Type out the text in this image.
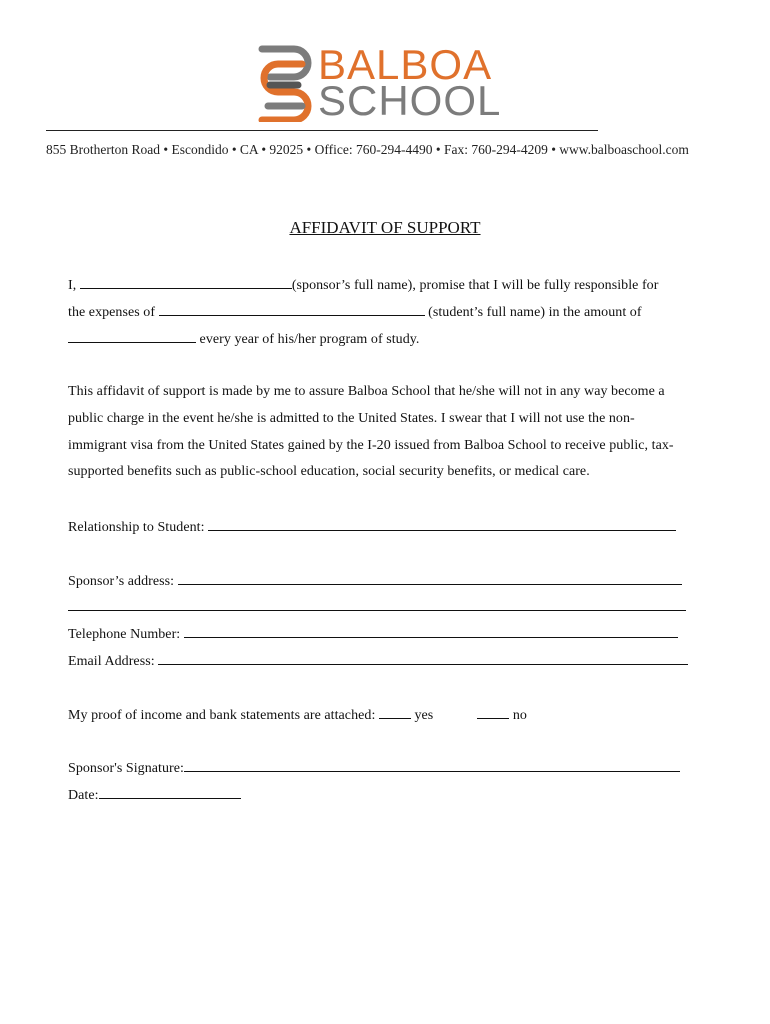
BALBOA
SCHOOL
855 Brotherton Road • Escondido • CA • 92025 • Office: 760-294-4490 • Fax: 760-294-4209 • www.balboaschool.com
AFFIDAVIT OF SUPPORT
I,	(sponsor’s full name), promise that I will be fully responsible for
the expenses of	(student’s full name) in the amount of
every year of his/her program of study.
This affidavit of support is made by me to assure Balboa School that he/she will not in any way become a
public charge in the event he/she is admitted to the United States. I swear that I will not use the non-
immigrant visa from the United States gained by the I-20 issued from Balboa School to receive public, tax-
supported benefits such as public-school education, social security benefits, or medical care.
Relationship to Student:
Sponsor’s address:
Telephone Number:
Email Address:
My proof of income and bank statements are attached:  yes	no
Sponsor's Signature:
Date:
